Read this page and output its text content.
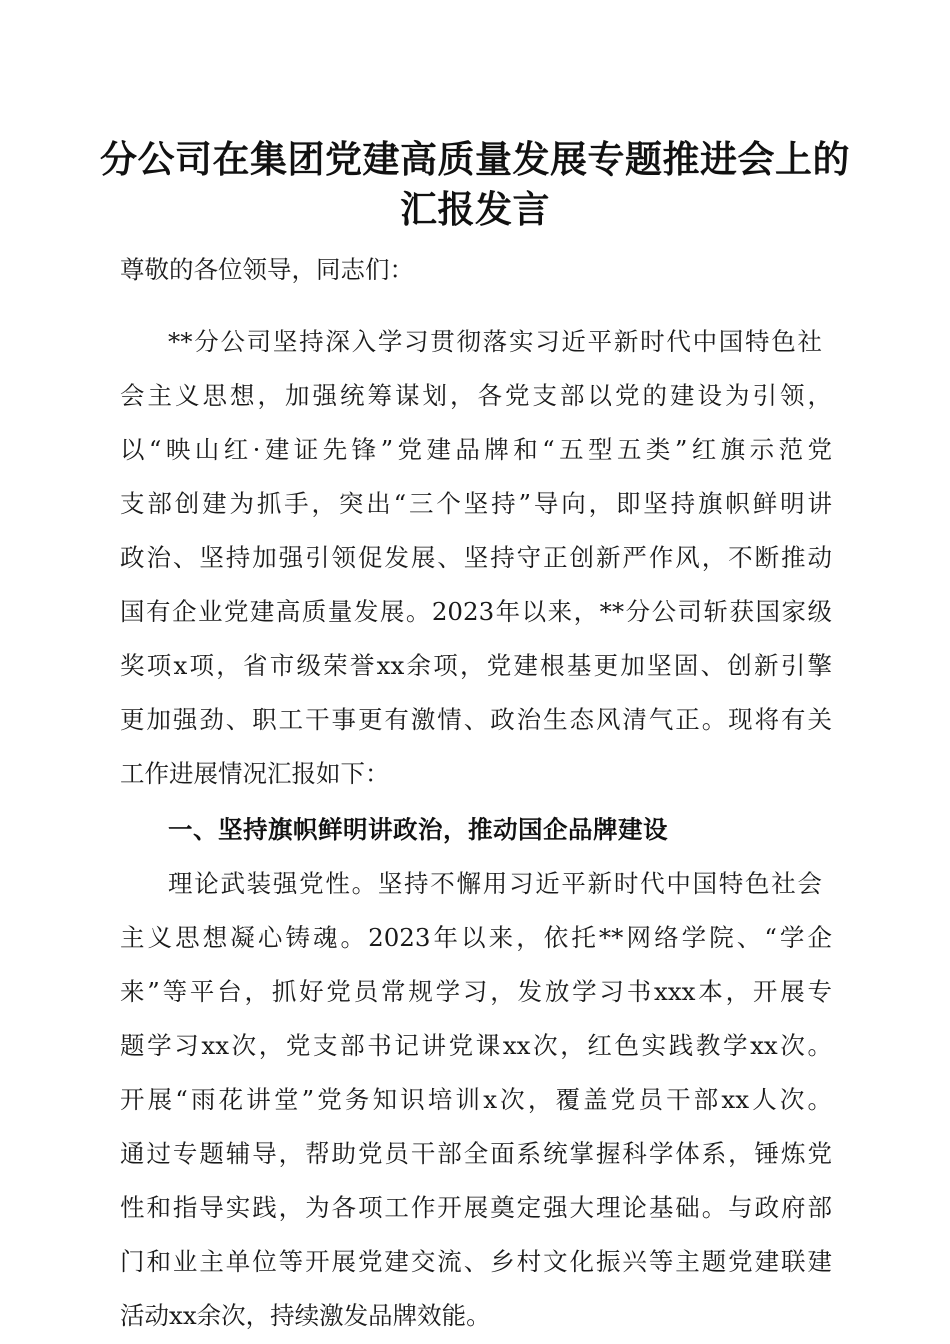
分公司在集团党建高质量发展专题推进会上的
汇报发言
尊敬的各位领导，同志们：
**分公司坚持深入学习贯彻落实习近平新时代中国特色社
会主义思想，加强统筹谋划，各党支部以党的建设为引领，
以“映山红·建证先锋”党建品牌和“五型五类”红旗示范党
支部创建为抓手，突出“三个坚持”导向，即坚持旗帜鲜明讲
政治、坚持加强引领促发展、坚持守正创新严作风，不断推动
国有企业党建高质量发展。2023年以来，**分公司斩获国家级
奖项x项，省市级荣誉xx余项，党建根基更加坚固、创新引擎
更加强劲、职工干事更有激情、政治生态风清气正。现将有关
工作进展情况汇报如下：
一、坚持旗帜鲜明讲政治，推动国企品牌建设
理论武装强党性。坚持不懈用习近平新时代中国特色社会
主义思想凝心铸魂。2023年以来，依托**网络学院、“学企
来”等平台，抓好党员常规学习，发放学习书xxx本，开展专
题学习xx次，党支部书记讲党课xx次，红色实践教学xx次。
开展“雨花讲堂”党务知识培训x次，覆盖党员干部xx人次。
通过专题辅导，帮助党员干部全面系统掌握科学体系，锤炼党
性和指导实践，为各项工作开展奠定强大理论基础。与政府部
门和业主单位等开展党建交流、乡村文化振兴等主题党建联建
活动xx余次，持续激发品牌效能。
